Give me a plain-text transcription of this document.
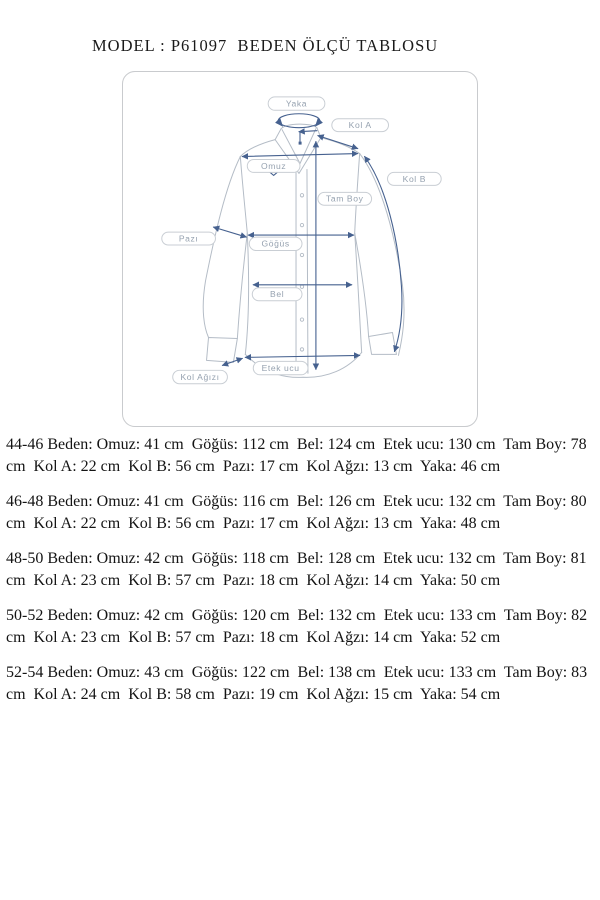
MODEL : P61097  BEDEN ÖLÇÜ TABLOSU
Yaka
Kol A
Omuz
Kol B
Tam Boy
Pazı
Göğüs
Bel
Etek ucu
Kol Ağızı

44-46 Beden: Omuz: 41 cm  Göğüs: 112 cm  Bel: 124 cm  Etek ucu: 130 cm  Tam Boy: 78 cm  Kol A: 22 cm  Kol B: 56 cm  Pazı: 17 cm  Kol Ağzı: 13 cm  Yaka: 46 cm

46-48 Beden: Omuz: 41 cm  Göğüs: 116 cm  Bel: 126 cm  Etek ucu: 132 cm  Tam Boy: 80 cm  Kol A: 22 cm  Kol B: 56 cm  Pazı: 17 cm  Kol Ağzı: 13 cm  Yaka: 48 cm

48-50 Beden: Omuz: 42 cm  Göğüs: 118 cm  Bel: 128 cm  Etek ucu: 132 cm  Tam Boy: 81 cm  Kol A: 23 cm  Kol B: 57 cm  Pazı: 18 cm  Kol Ağzı: 14 cm  Yaka: 50 cm

50-52 Beden: Omuz: 42 cm  Göğüs: 120 cm  Bel: 132 cm  Etek ucu: 133 cm  Tam Boy: 82 cm  Kol A: 23 cm  Kol B: 57 cm  Pazı: 18 cm  Kol Ağzı: 14 cm  Yaka: 52 cm

52-54 Beden: Omuz: 43 cm  Göğüs: 122 cm  Bel: 138 cm  Etek ucu: 133 cm  Tam Boy: 83 cm  Kol A: 24 cm  Kol B: 58 cm  Pazı: 19 cm  Kol Ağzı: 15 cm  Yaka: 54 cm
